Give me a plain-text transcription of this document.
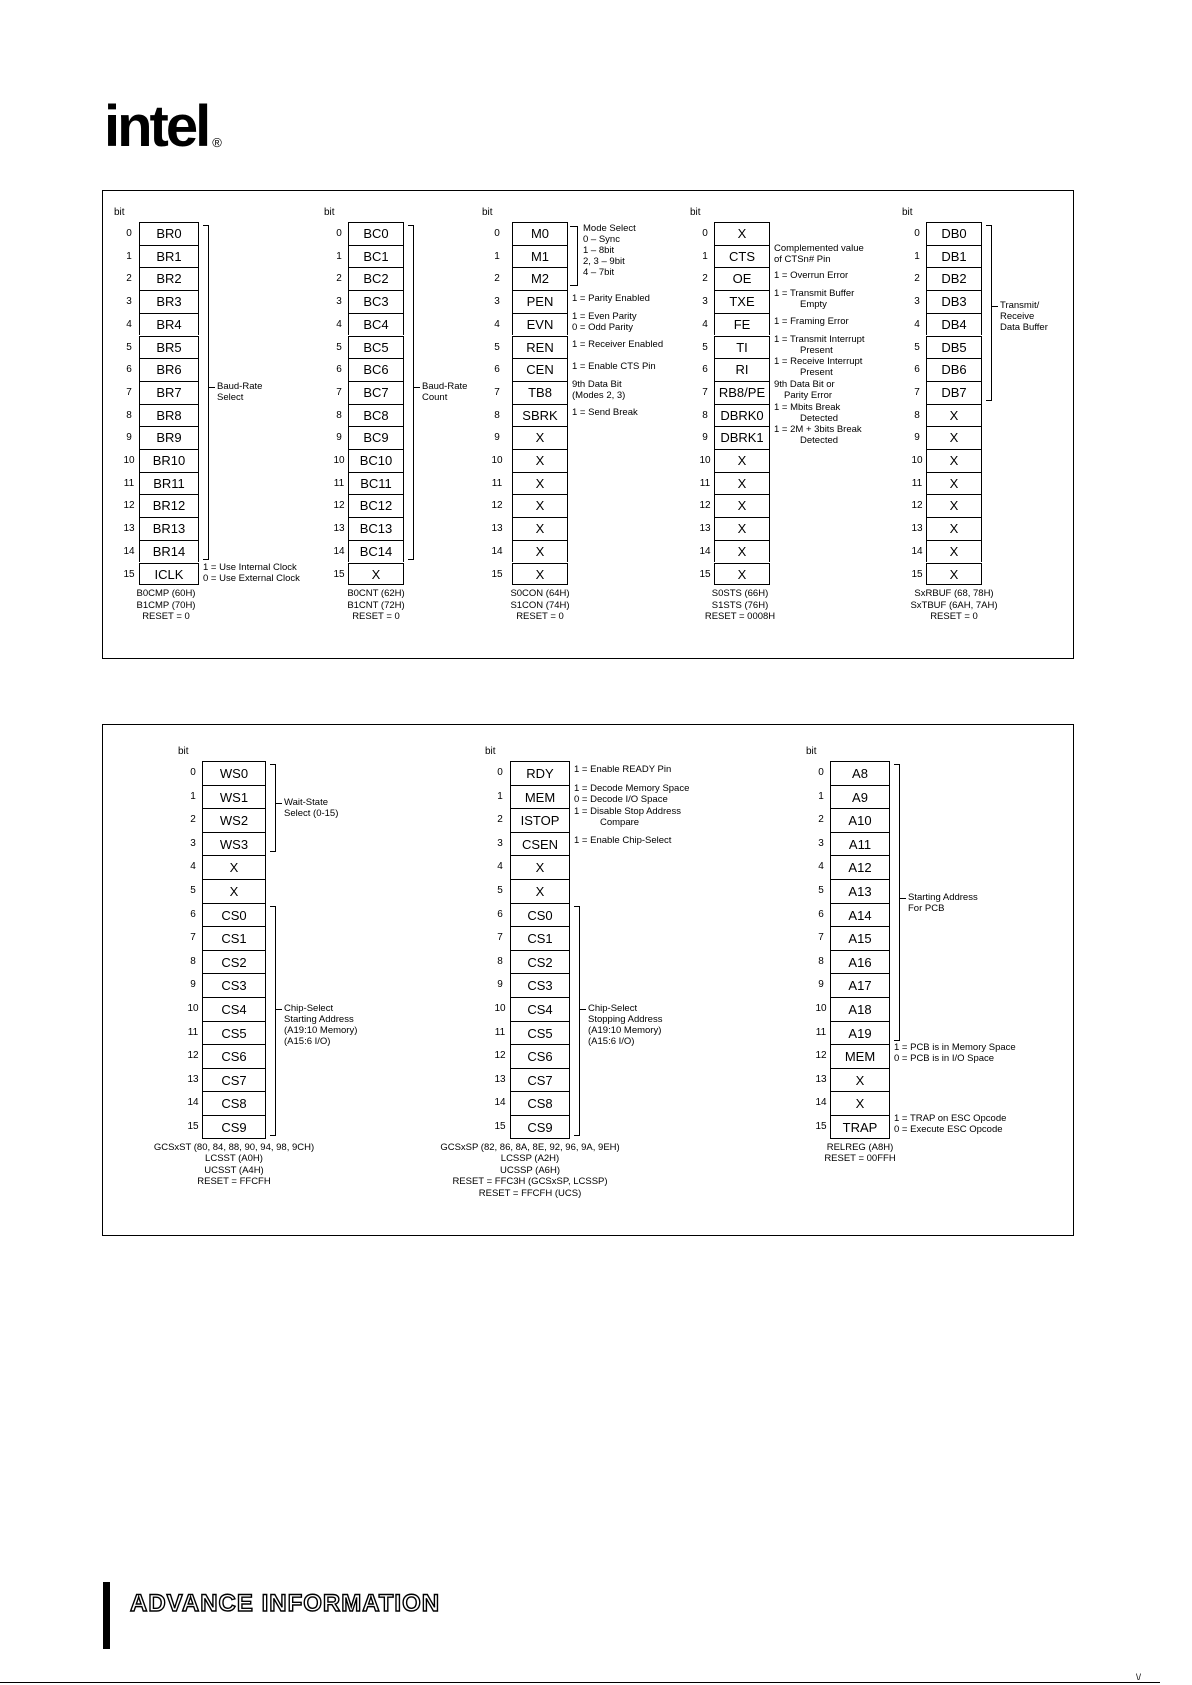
intel ®
bit
0	BR0
1	BR1
2	BR2
3	BR3
4	BR4
5	BR5
6	BR6
7	BR7
8	BR8
9	BR9
10	BR10
11	BR11
12	BR12
13	BR13
14	BR14
15	ICLK
Baud-Rate
Select
1 = Use Internal Clock
0 = Use External Clock
B0CMP (60H)
B1CMP (70H)
RESET = 0
bit
0	BC0
1	BC1
2	BC2
3	BC3
4	BC4
5	BC5
6	BC6
7	BC7
8	BC8
9	BC9
10	BC10
11	BC11
12	BC12
13	BC13
14	BC14
15	X
Baud-Rate
Count
B0CNT (62H)
B1CNT (72H)
RESET = 0
bit
0	M0
1	M1
2	M2
3	PEN
4	EVN
5	REN
6	CEN
7	TB8
8	SBRK
9	X
10	X
11	X
12	X
13	X
14	X
15	X
Mode Select
0 – Sync
1 – 8bit
2, 3 – 9bit
4 – 7bit
1 = Parity Enabled
1 = Even Parity
0 = Odd Parity
1 = Receiver Enabled
1 = Enable CTS Pin
9th Data Bit
(Modes 2, 3)
1 = Send Break
S0CON (64H)
S1CON (74H)
RESET = 0
bit
0	X
1	CTS
2	OE
3	TXE
4	FE
5	TI
6	RI
7 RB8/PE
8 DBRK0
9 DBRK1
10	X
11	X
12	X
13	X
14	X
15	X
Complemented value
of CTSn# Pin
1 = Overrun Error
1 = Transmit Buffer
Empty
1 = Framing Error
1 = Transmit Interrupt
Present
1 = Receive Interrupt
Present
9th Data Bit or
Parity Error
1 = Mbits Break
Detected
1 = 2M + 3bits Break
Detected
S0STS (66H)
S1STS (76H)
RESET = 0008H
bit
0	DB0
1	DB1
2	DB2
3	DB3
4	DB4
5	DB5
6	DB6
7	DB7
8	X
9	X
10	X
11	X
12	X
13	X
14	X
15	X
Transmit/
Receive
Data Buffer
SxRBUF (68, 78H)
SxTBUF (6AH, 7AH)
RESET = 0
bit
0	WS0
1	WS1
2	WS2
3	WS3
4	X
5	X
6	CS0
7	CS1
8	CS2
9	CS3
10	CS4
11	CS5
12	CS6
13	CS7
14	CS8
15	CS9
Wait-State
Select (0-15)
Chip-Select
Starting Address
(A19:10 Memory)
(A15:6 I/O)
GCSxST (80, 84, 88, 90, 94, 98, 9CH)
LCSST (A0H)
UCSST (A4H)
RESET = FFCFH
bit
0	RDY
1	MEM
2	ISTOP
3	CSEN
4	X
5	X
6	CS0
7	CS1
8	CS2
9	CS3
10	CS4
11	CS5
12	CS6
13	CS7
14	CS8
15	CS9
Chip-Select
Stopping Address
(A19:10 Memory)
(A15:6 I/O)
1 = Enable READY Pin
1 = Decode Memory Space
0 = Decode I/O Space
1 = Disable Stop Address
Compare
1 = Enable Chip-Select
GCSxSP (82, 86, 8A, 8E, 92, 96, 9A, 9EH)
LCSSP (A2H)
UCSSP (A6H)
RESET = FFC3H (GCSxSP, LCSSP)
RESET = FFCFH (UCS)
bit
0	A8
1	A9
2	A10
3	A11
4	A12
5	A13
6	A14
7	A15
8	A16
9	A17
10	A18
11	A19
12	MEM
13	X
14	X
15	TRAP
Starting Address
For PCB
1 = PCB is in Memory Space
0 = PCB is in I/O Space
1 = TRAP on ESC Opcode
0 = Execute ESC Opcode
RELREG (A8H)
RESET = 00FFH
ADVANCE INFORMATION
\/
